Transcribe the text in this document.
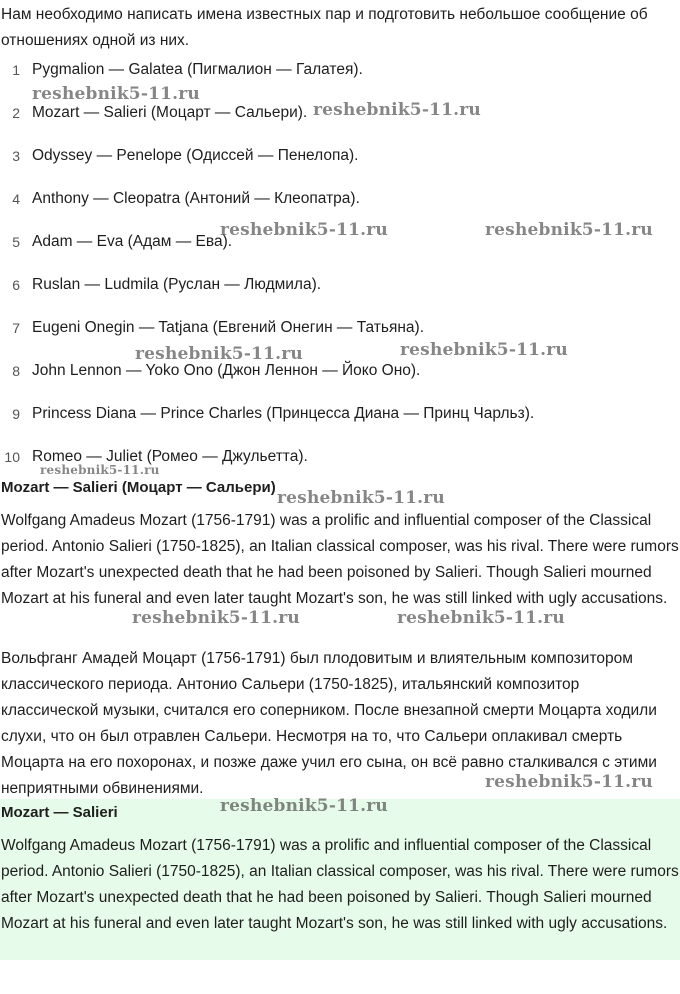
Нам необходимо написать имена известных пар и подготовить небольшое сообщение об отношениях одной из них.

1 Pygmalion — Galatea (Пигмалион — Галатея).
2 Mozart — Salieri (Моцарт — Сальери).
3 Odyssey — Penelope (Одиссей — Пенелопа).
4 Anthony — Cleopatra (Антоний — Клеопатра).
5 Adam — Eva (Адам — Ева).
6 Ruslan — Ludmila (Руслан — Людмила).
7 Eugeni Onegin — Tatjana (Евгений Онегин — Татьяна).
8 John Lennon — Yoko Ono (Джон Леннон — Йоко Оно).
9 Princess Diana — Prince Charles (Принцесса Диана — Принц Чарльз).
10 Romeo — Juliet (Ромео — Джульетта).
Mozart — Salieri (Моцарт — Сальери)

Wolfgang Amadeus Mozart (1756-1791) was a prolific and influential composer of the Classical period. Antonio Salieri (1750-1825), an Italian classical composer, was his rival. There were rumors after Mozart's unexpected death that he had been poisoned by Salieri. Though Salieri mourned Mozart at his funeral and even later taught Mozart's son, he was still linked with ugly accusations.

Вольфганг Амадей Моцарт (1756-1791) был плодовитым и влиятельным композитором классического периода. Антонио Сальери (1750-1825), итальянский композитор классической музыки, считался его соперником. После внезапной смерти Моцарта ходили слухи, что он был отравлен Сальери. Несмотря на то, что Сальери оплакивал смерть Моцарта на его похоронах, и позже даже учил его сына, он всё равно сталкивался с этими неприятными обвинениями.

Mozart — Salieri

Wolfgang Amadeus Mozart (1756-1791) was a prolific and influential composer of the Classical period. Antonio Salieri (1750-1825), an Italian classical composer, was his rival. There were rumors after Mozart's unexpected death that he had been poisoned by Salieri. Though Salieri mourned Mozart at his funeral and even later taught Mozart's son, he was still linked with ugly accusations.

reshebnik5-11.ru
reshebnik5-11.ru
reshebnik5-11.ru	reshebnik5-11.ru
reshebnik5-11.ru	reshebnik5-11.ru
reshebnik5-11.ru
reshebnik5-11.ru
reshebnik5-11.ru	reshebnik5-11.ru
reshebnik5-11.ru
reshebnik5-11.ru
